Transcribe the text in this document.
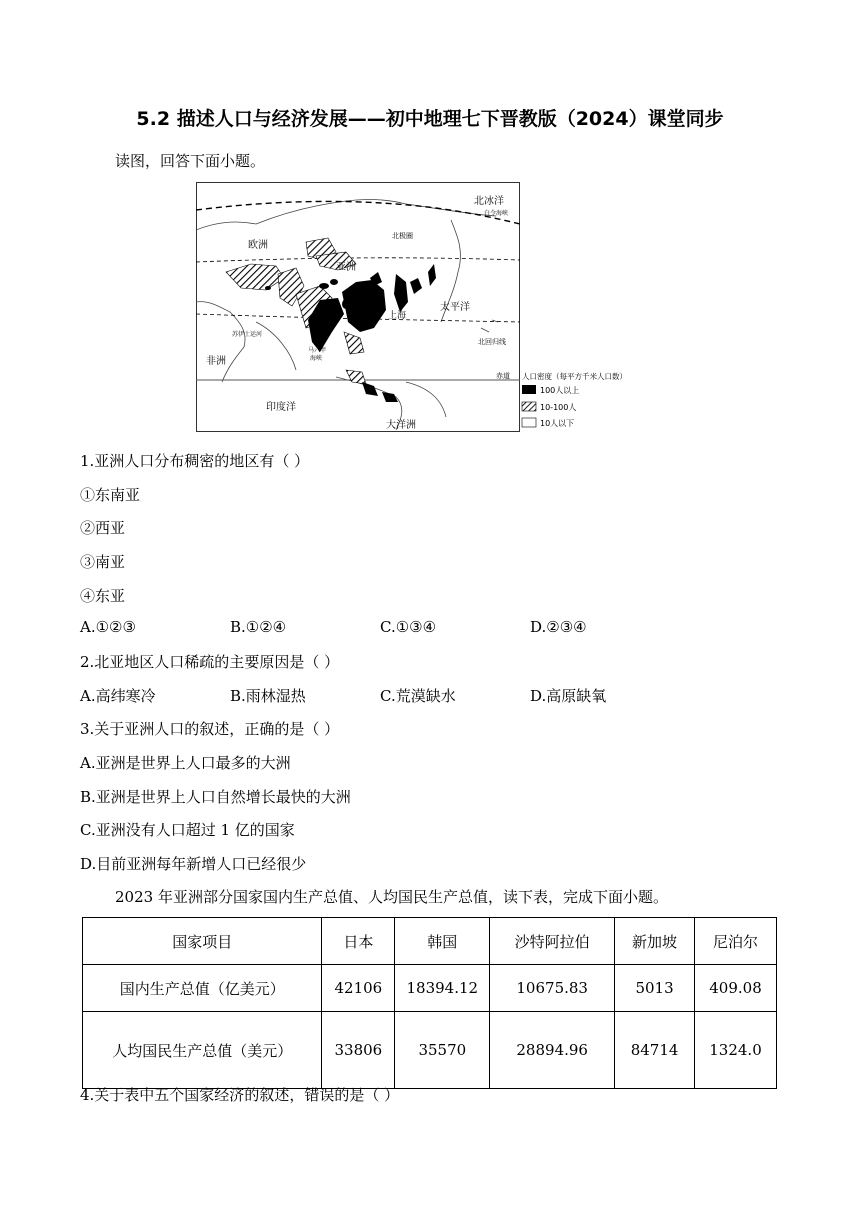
5.2 描述人口与经济发展——初中地理七下晋教版（2024）课堂同步
读图，回答下面小题。
北冰洋
白令海峡
北极圈
欧洲
亚洲
太平洋
上海
苏伊士运河
非洲
马六甲
海峡
北回归线
赤道
印度洋
大洋洲
人口密度（每平方千米人口数）
100人以上
10-100人
10人以下
1.亚洲人口分布稠密的地区有（ ）
①东南亚
②西亚
③南亚
④东亚
A.①②③	B.①②④	C.①③④	D.②③④
2.北亚地区人口稀疏的主要原因是（ ）
A.高纬寒冷	B.雨林湿热	C.荒漠缺水	D.高原缺氧
3.关于亚洲人口的叙述，正确的是（ ）
A.亚洲是世界上人口最多的大洲
B.亚洲是世界上人口自然增长最快的大洲
C.亚洲没有人口超过 1 亿的国家
D.目前亚洲每年新增人口已经很少
2023 年亚洲部分国家国内生产总值、人均国民生产总值，读下表，完成下面小题。
国家项目	日本	韩国	沙特阿拉伯	新加坡	尼泊尔
国内生产总值（亿美元）	42106	18394.12	10675.83	5013	409.08
人均国民生产总值（美元）	33806	35570	28894.96	84714	1324.0
4.关于表中五个国家经济的叙述，错误的是（ ）
